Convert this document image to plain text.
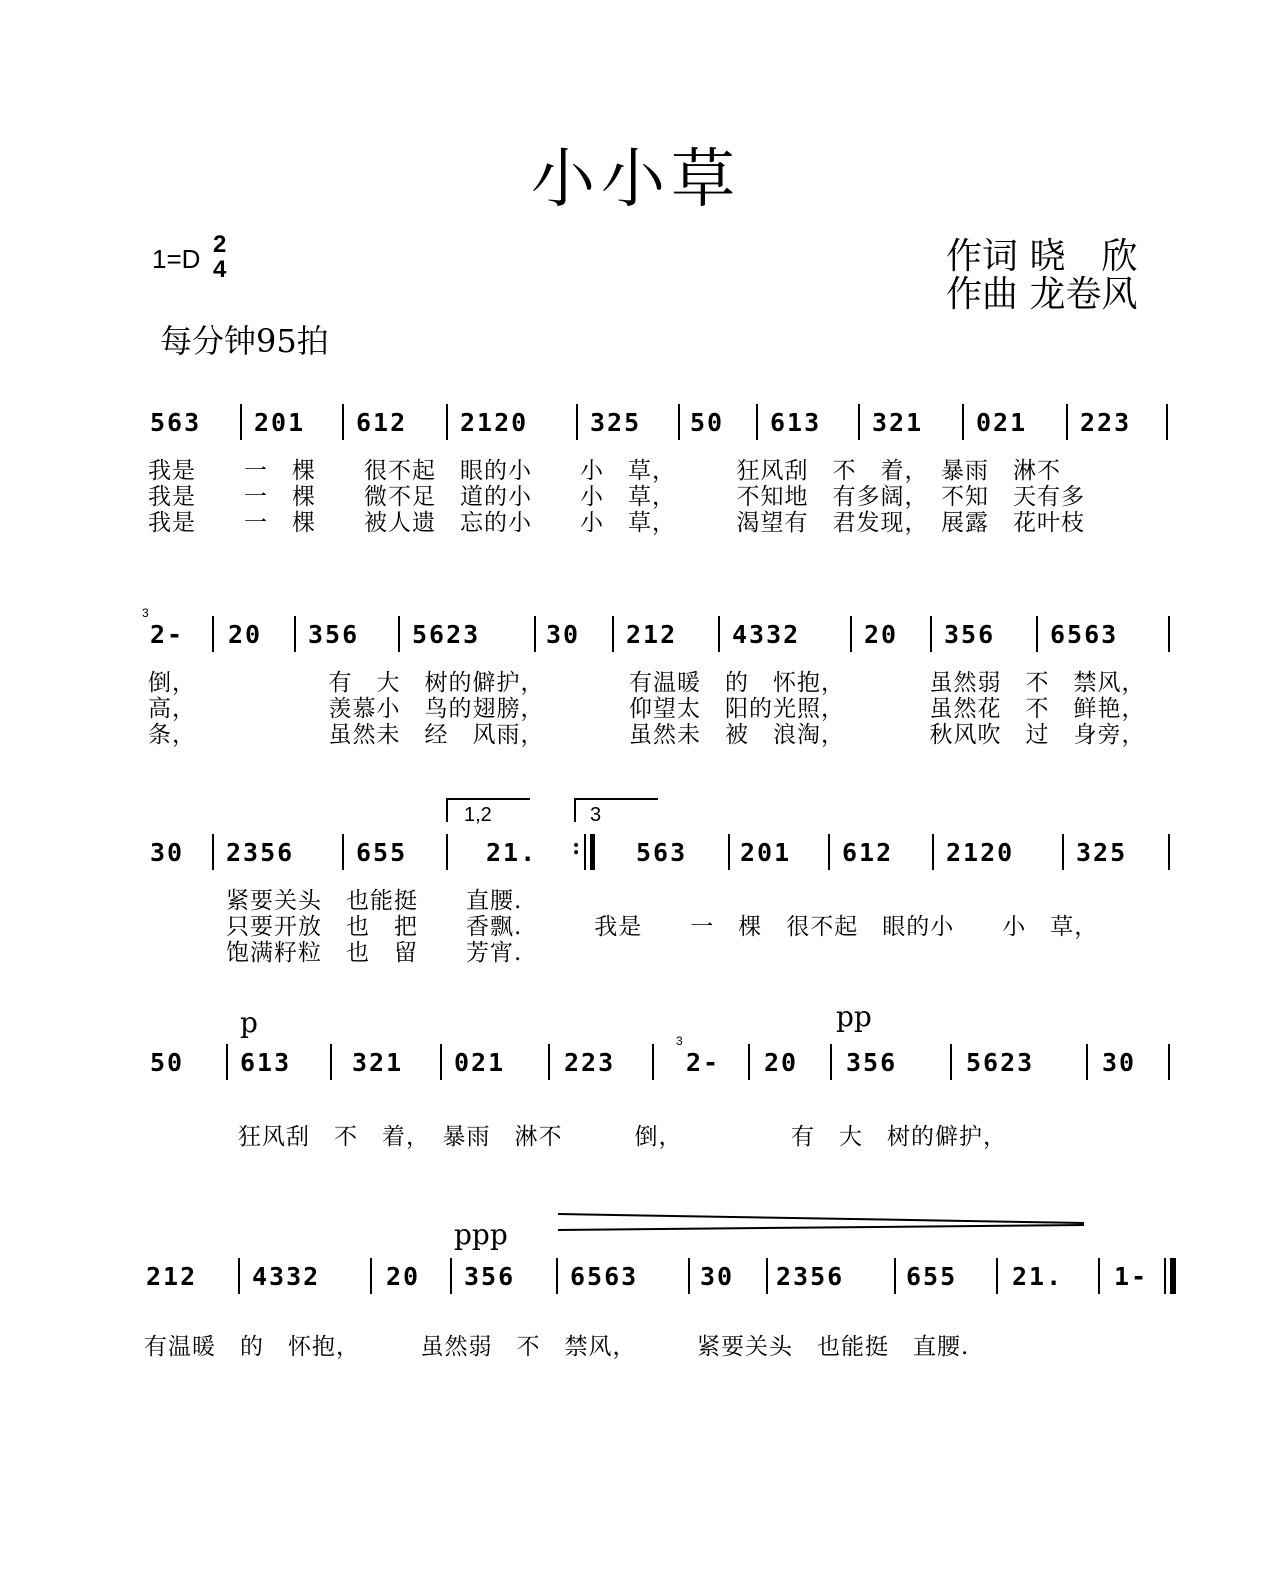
小小草
1=D 2
4	作词 晓　欣
作曲 龙卷风
每分钟95拍
563 201 612 2120 325 50 613 321 021 223
我是　　一　棵　　很不起　眼的小　　小　草，　　　狂风刮　不　着，　暴雨　淋不
我是　　一　棵　　微不足　道的小　　小　草，　　　不知地　有多阔，　不知　天有多
我是　　一　棵　　被人遗　忘的小　　小　草，　　　渴望有　君发现，　展露　花叶枝
3
2- 20 356 5623	30 212 4332	20 356 6563
倒，　　　　　　有　大　树的僻护，　　　　有温暖　的　怀抱，　　　　虽然弱　不　禁风，
高，　　　　　　羡慕小　鸟的翅膀，　　　　仰望太　阳的光照，　　　　虽然花　不　鲜艳，
条，　　　　　　虽然未　经　风雨，　　　　虽然未　被　浪淘，　　　　秋风吹　过　身旁，
1,2	3
30 2356 655	21. : 563 201 612 2120 325
紧要关头　也能挺　　直腰.
只要开放　也　把　　香飘.　　　我是　　一　棵　很不起　眼的小　　小　草，
饱满籽粒　也　留　　芳宵.
p	pp
50 613 321 021 223
3
2- 20 356	5623	30
狂风刮　不　着，　暴雨　淋不　　　倒，　　　　　有　大　树的僻护，
ppp
212 4332	20 356 6563 30 2356 655 21. 1-
有温暖　的　怀抱，　　　虽然弱　不　禁风，　　　紧要关头　也能挺　直腰.
